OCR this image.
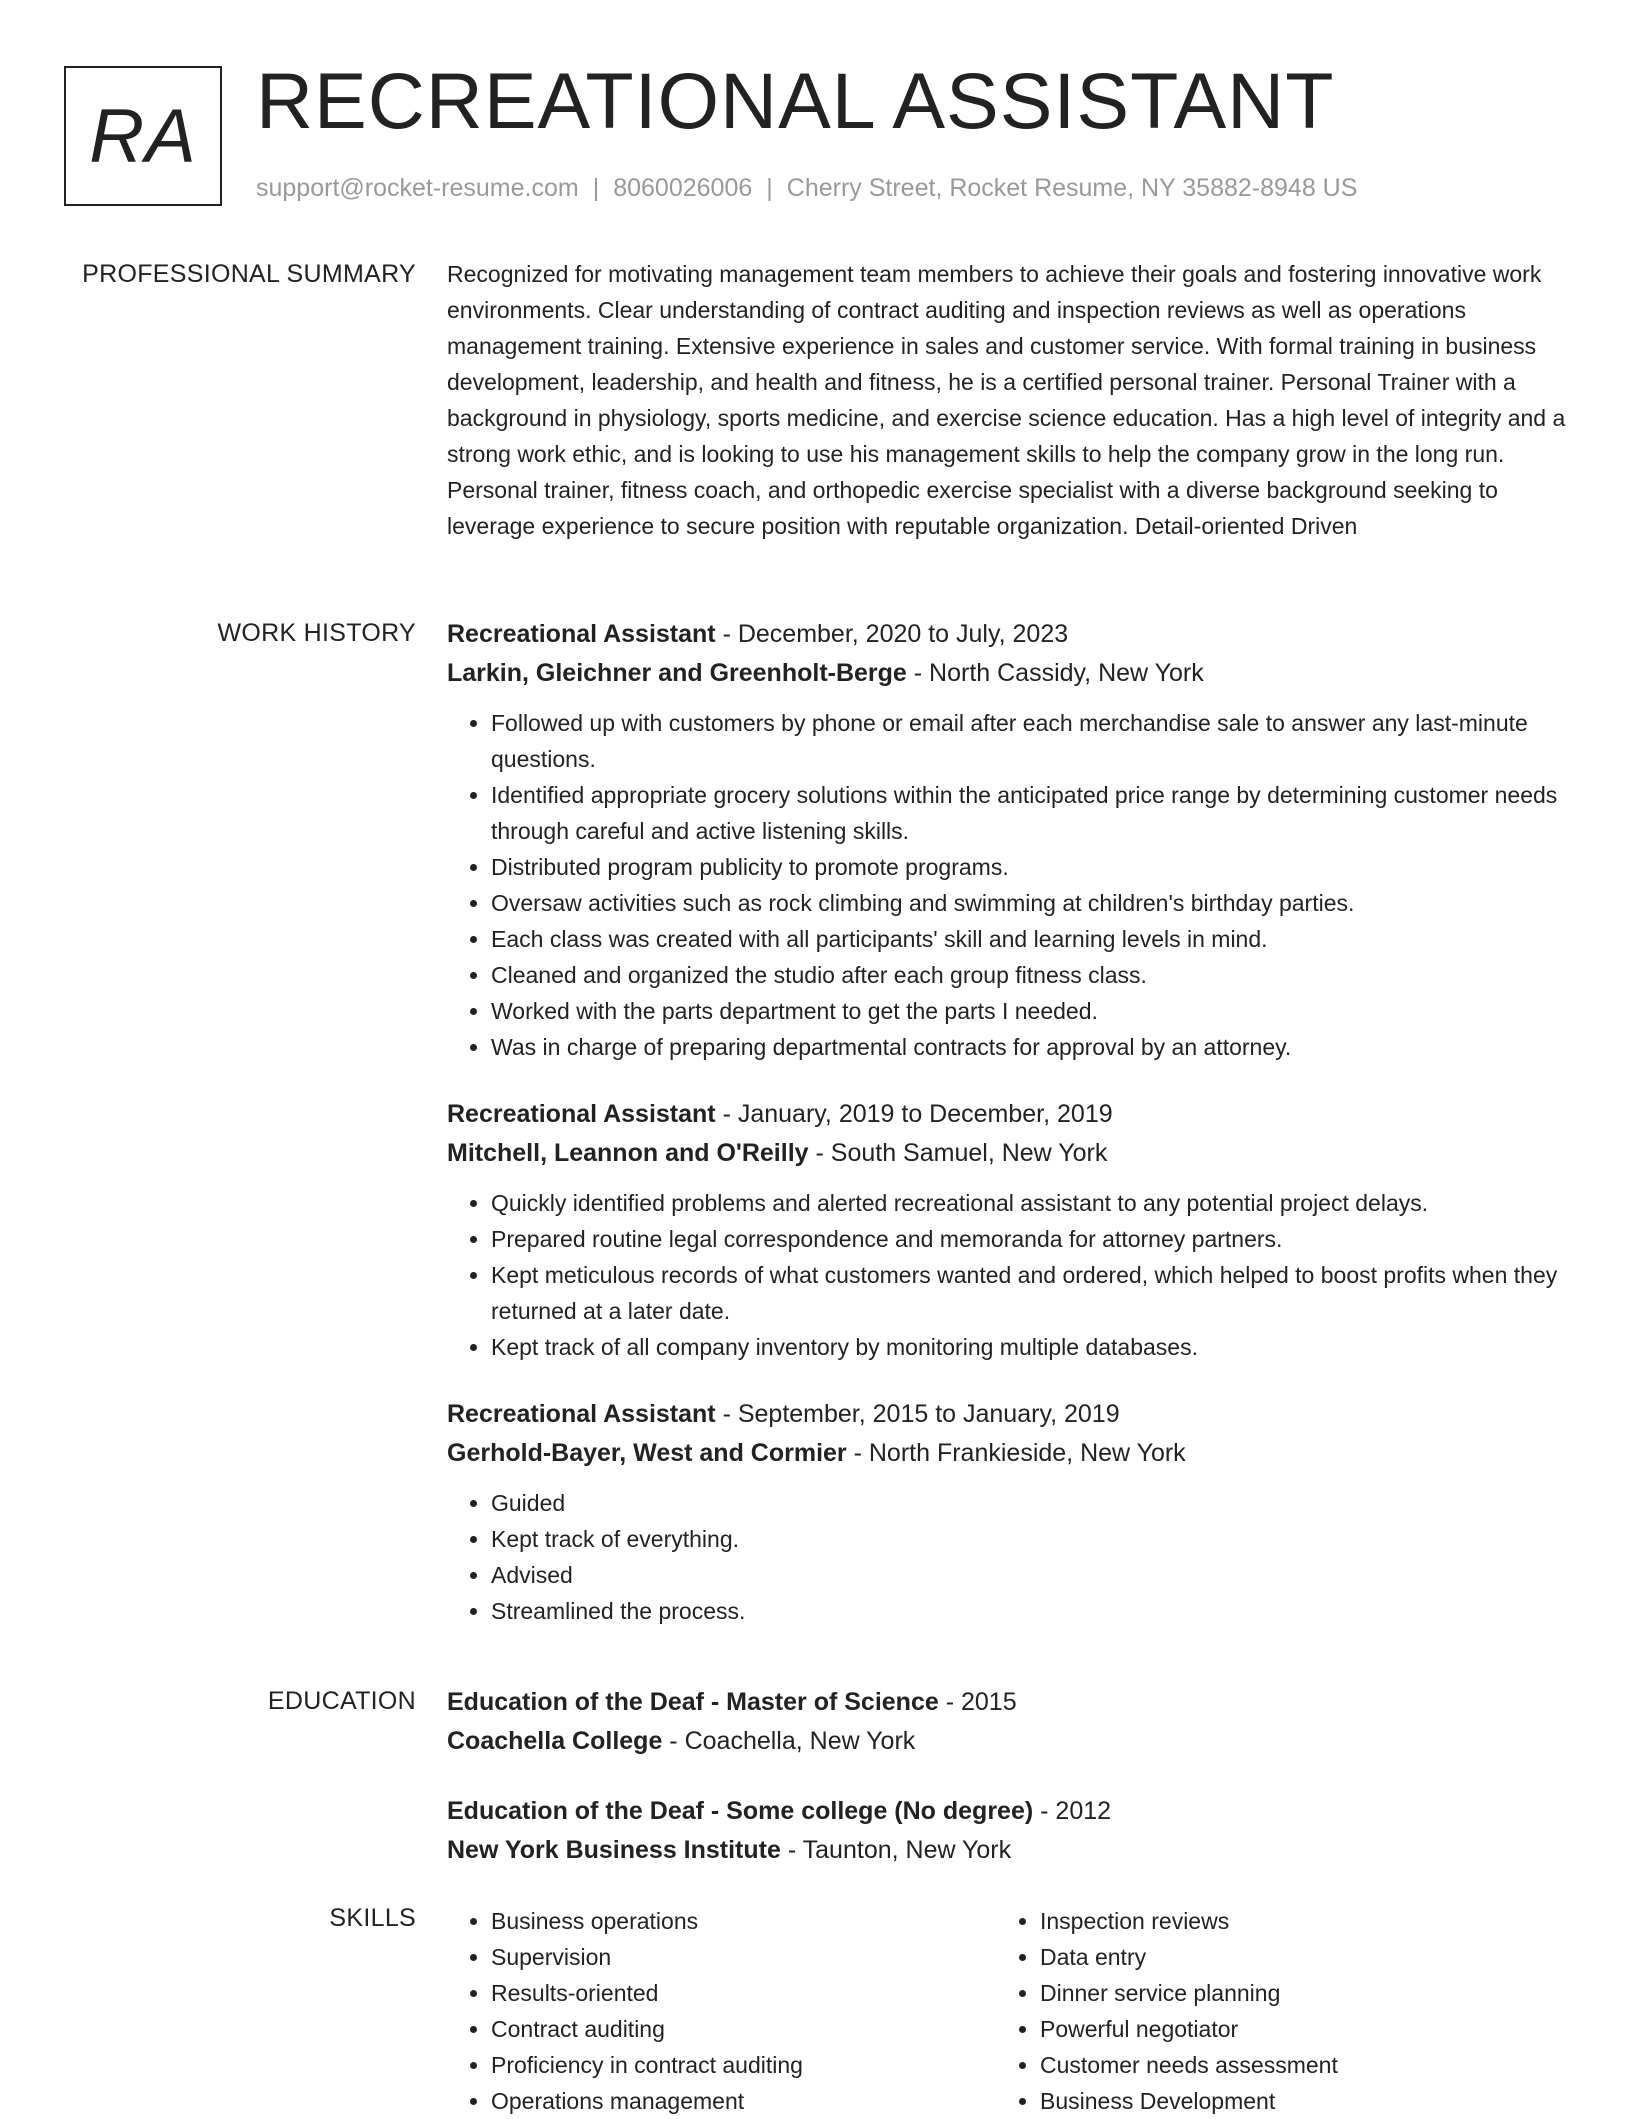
RA RECREATIONAL ASSISTANT
support@rocket-resume.com | 8060026006 | Cherry Street, Rocket Resume, NY 35882-8948 US
PROFESSIONAL SUMMARY Recognized for motivating management team members to achieve their goals and fostering innovative work environments. Clear understanding of contract auditing and inspection reviews as well as operations management training. Extensive experience in sales and customer service. With formal training in business development, leadership, and health and fitness, he is a certified personal trainer. Personal Trainer with a background in physiology, sports medicine, and exercise science education. Has a high level of integrity and a strong work ethic, and is looking to use his management skills to help the company grow in the long run. Personal trainer, fitness coach, and orthopedic exercise specialist with a diverse background seeking to leverage experience to secure position with reputable organization. Detail-oriented Driven

WORK HISTORY Recreational Assistant - December, 2020 to July, 2023
Larkin, Gleichner and Greenholt-Berge - North Cassidy, New York
• Followed up with customers by phone or email after each merchandise sale to answer any last-minute questions.
• Identified appropriate grocery solutions within the anticipated price range by determining customer needs through careful and active listening skills.
• Distributed program publicity to promote programs.
• Oversaw activities such as rock climbing and swimming at children's birthday parties.
• Each class was created with all participants' skill and learning levels in mind.
• Cleaned and organized the studio after each group fitness class.
• Worked with the parts department to get the parts I needed.
• Was in charge of preparing departmental contracts for approval by an attorney.
Recreational Assistant - January, 2019 to December, 2019
Mitchell, Leannon and O'Reilly - South Samuel, New York
• Quickly identified problems and alerted recreational assistant to any potential project delays.
• Prepared routine legal correspondence and memoranda for attorney partners.
• Kept meticulous records of what customers wanted and ordered, which helped to boost profits when they returned at a later date.
• Kept track of all company inventory by monitoring multiple databases.
Recreational Assistant - September, 2015 to January, 2019
Gerhold-Bayer, West and Cormier - North Frankieside, New York
• Guided
• Kept track of everything.
• Advised
• Streamlined the process.
EDUCATION Education of the Deaf - Master of Science - 2015
Coachella College - Coachella, New York
Education of the Deaf - Some college (No degree) - 2012
New York Business Institute - Taunton, New York
SKILLS
•	Business operations
• Supervision
• Results-oriented
• Contract auditing
• Proficiency in contract auditing
• Operations management
• Inspection reviews
• Data entry
• Dinner service planning
• Powerful negotiator
• Customer needs assessment
• Business Development
